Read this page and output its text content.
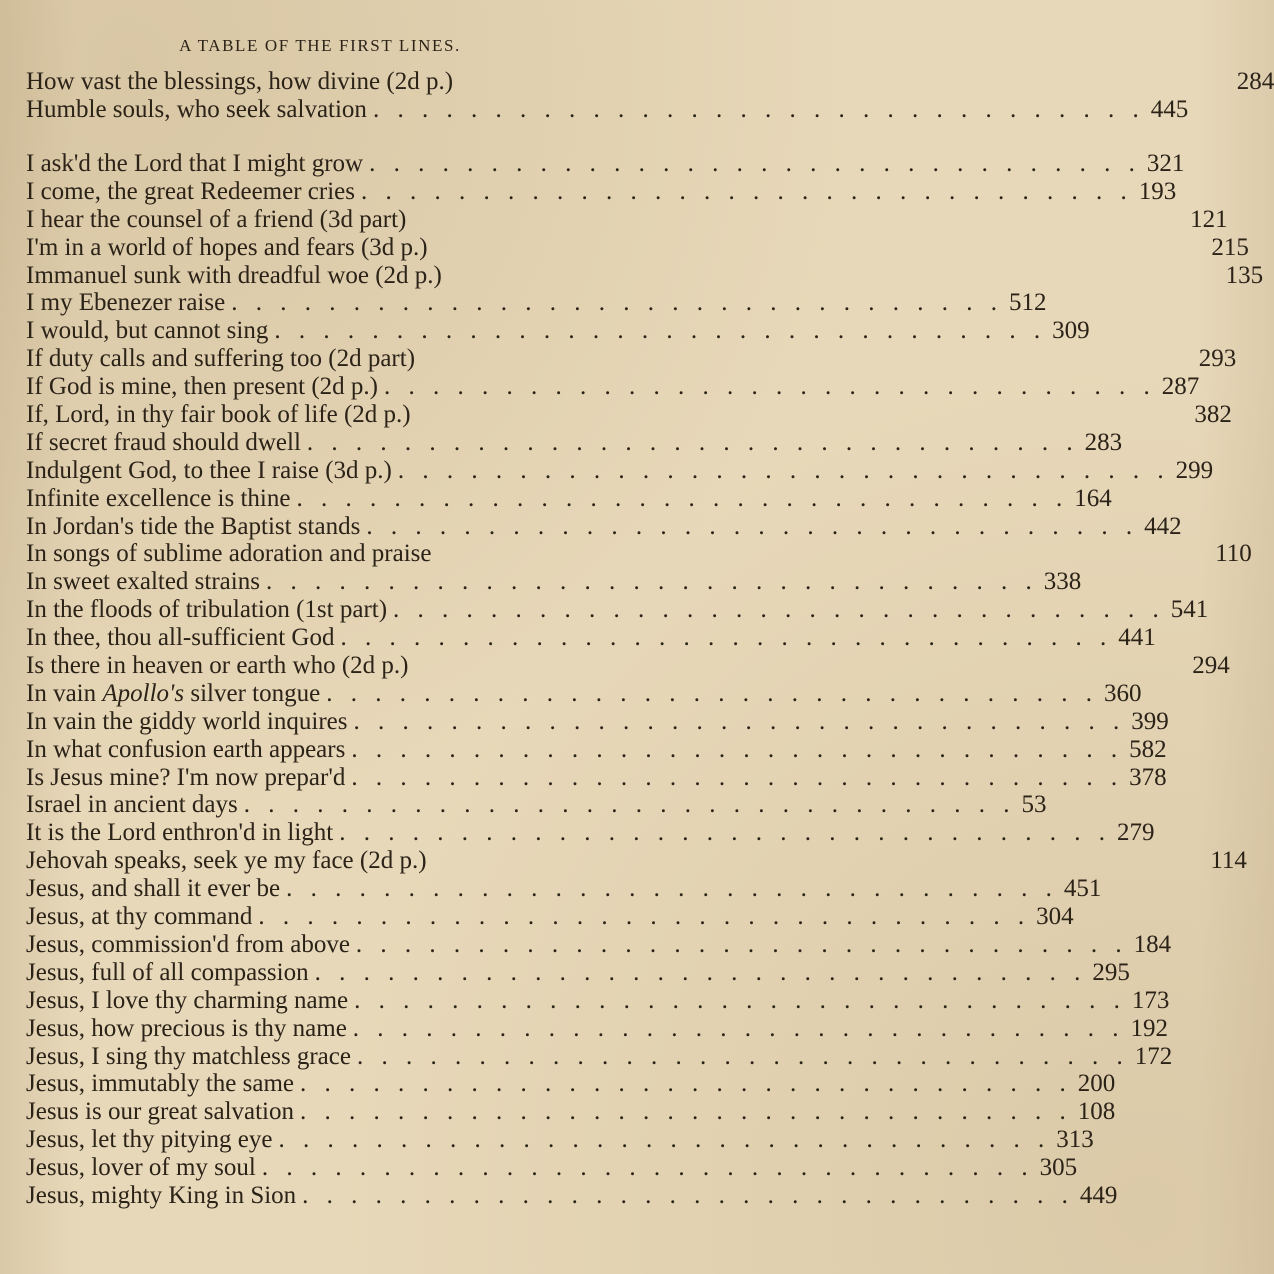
A TABLE OF THE FIRST LINES.
How vast the blessings, how divine (2d p.)	284
Humble souls, who seek salvation . . .	445
I ask'd the Lord that I might grow . . .	321
I come, the great Redeemer cries . . .	193
I hear the counsel of a friend (3d part)	121
I'm in a world of hopes and fears (3d p.)	215
Immanuel sunk with dreadful woe (2d p.)	135
I my Ebenezer raise . . .	512
I would, but cannot sing . . .	309
If duty calls and suffering too (2d part)	293
If God is mine, then present (2d p.) . . .	287
If, Lord, in thy fair book of life (2d p.)	382
If secret fraud should dwell . . .	283
Indulgent God, to thee I raise (3d p.) . . .	299
Infinite excellence is thine . . .	164
In Jordan's tide the Baptist stands . . .	442
In songs of sublime adoration and praise	110
In sweet exalted strains . . .	338
In the floods of tribulation (1st part) . . .	541
In thee, thou all-sufficient God . . .	441
Is there in heaven or earth who (2d p.)	294
In vain Apollo's silver tongue . . .	360
In vain the giddy world inquires . . .	399
In what confusion earth appears . . .	582
Is Jesus mine? I'm now prepar'd . . .	378
Israel in ancient days . . .	53
It is the Lord enthron'd in light . . .	279
Jehovah speaks, seek ye my face (2d p.)	114
Jesus, and shall it ever be . . .	451
Jesus, at thy command . . .	304
Jesus, commission'd from above . . .	184
Jesus, full of all compassion . . .	295
Jesus, I love thy charming name . . .	173
Jesus, how precious is thy name . . .	192
Jesus, I sing thy matchless grace . . .	172
Jesus, immutably the same . . .	200
Jesus is our great salvation . . .	108
Jesus, let thy pitying eye . . .	313
Jesus, lover of my soul . . .	305
Jesus, mighty King in Sion . . .	449
